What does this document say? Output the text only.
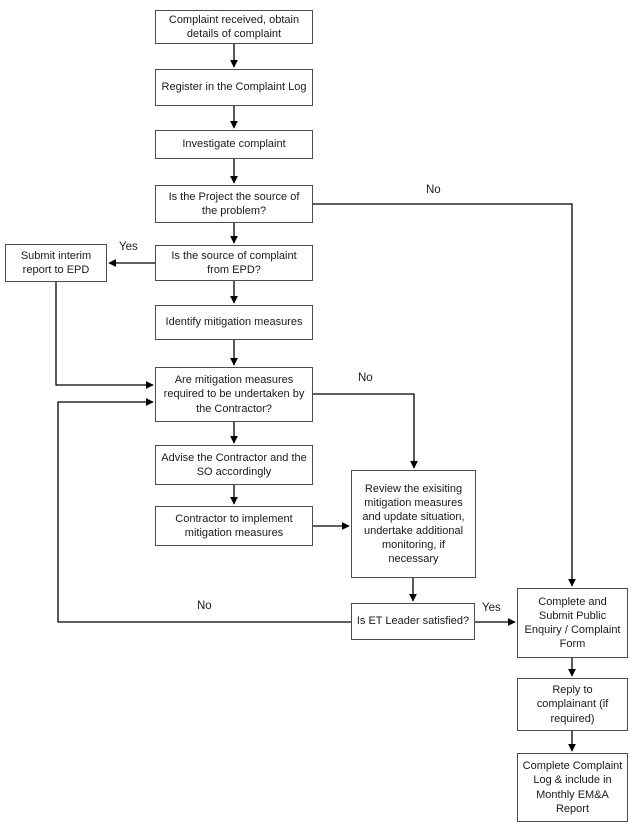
Complaint received, obtain details of complaint
Register in the Complaint Log
Investigate complaint
Is the Project the source of the problem?
Is the source of complaint from EPD?
Submit interim report to EPD
Identify mitigation measures
Are mitigation measures required to be undertaken by the Contractor?
Advise the Contractor and the SO accordingly
Contractor to implement mitigation measures
Review the exisiting mitigation measures and update situation, undertake additional monitoring, if necessary
Is ET Leader satisfied?
Complete and Submit Public Enquiry / Complaint Form
Reply to complainant (if required)
Complete Complaint Log & include in Monthly EM&A Report
No
Yes
No
No	Yes
